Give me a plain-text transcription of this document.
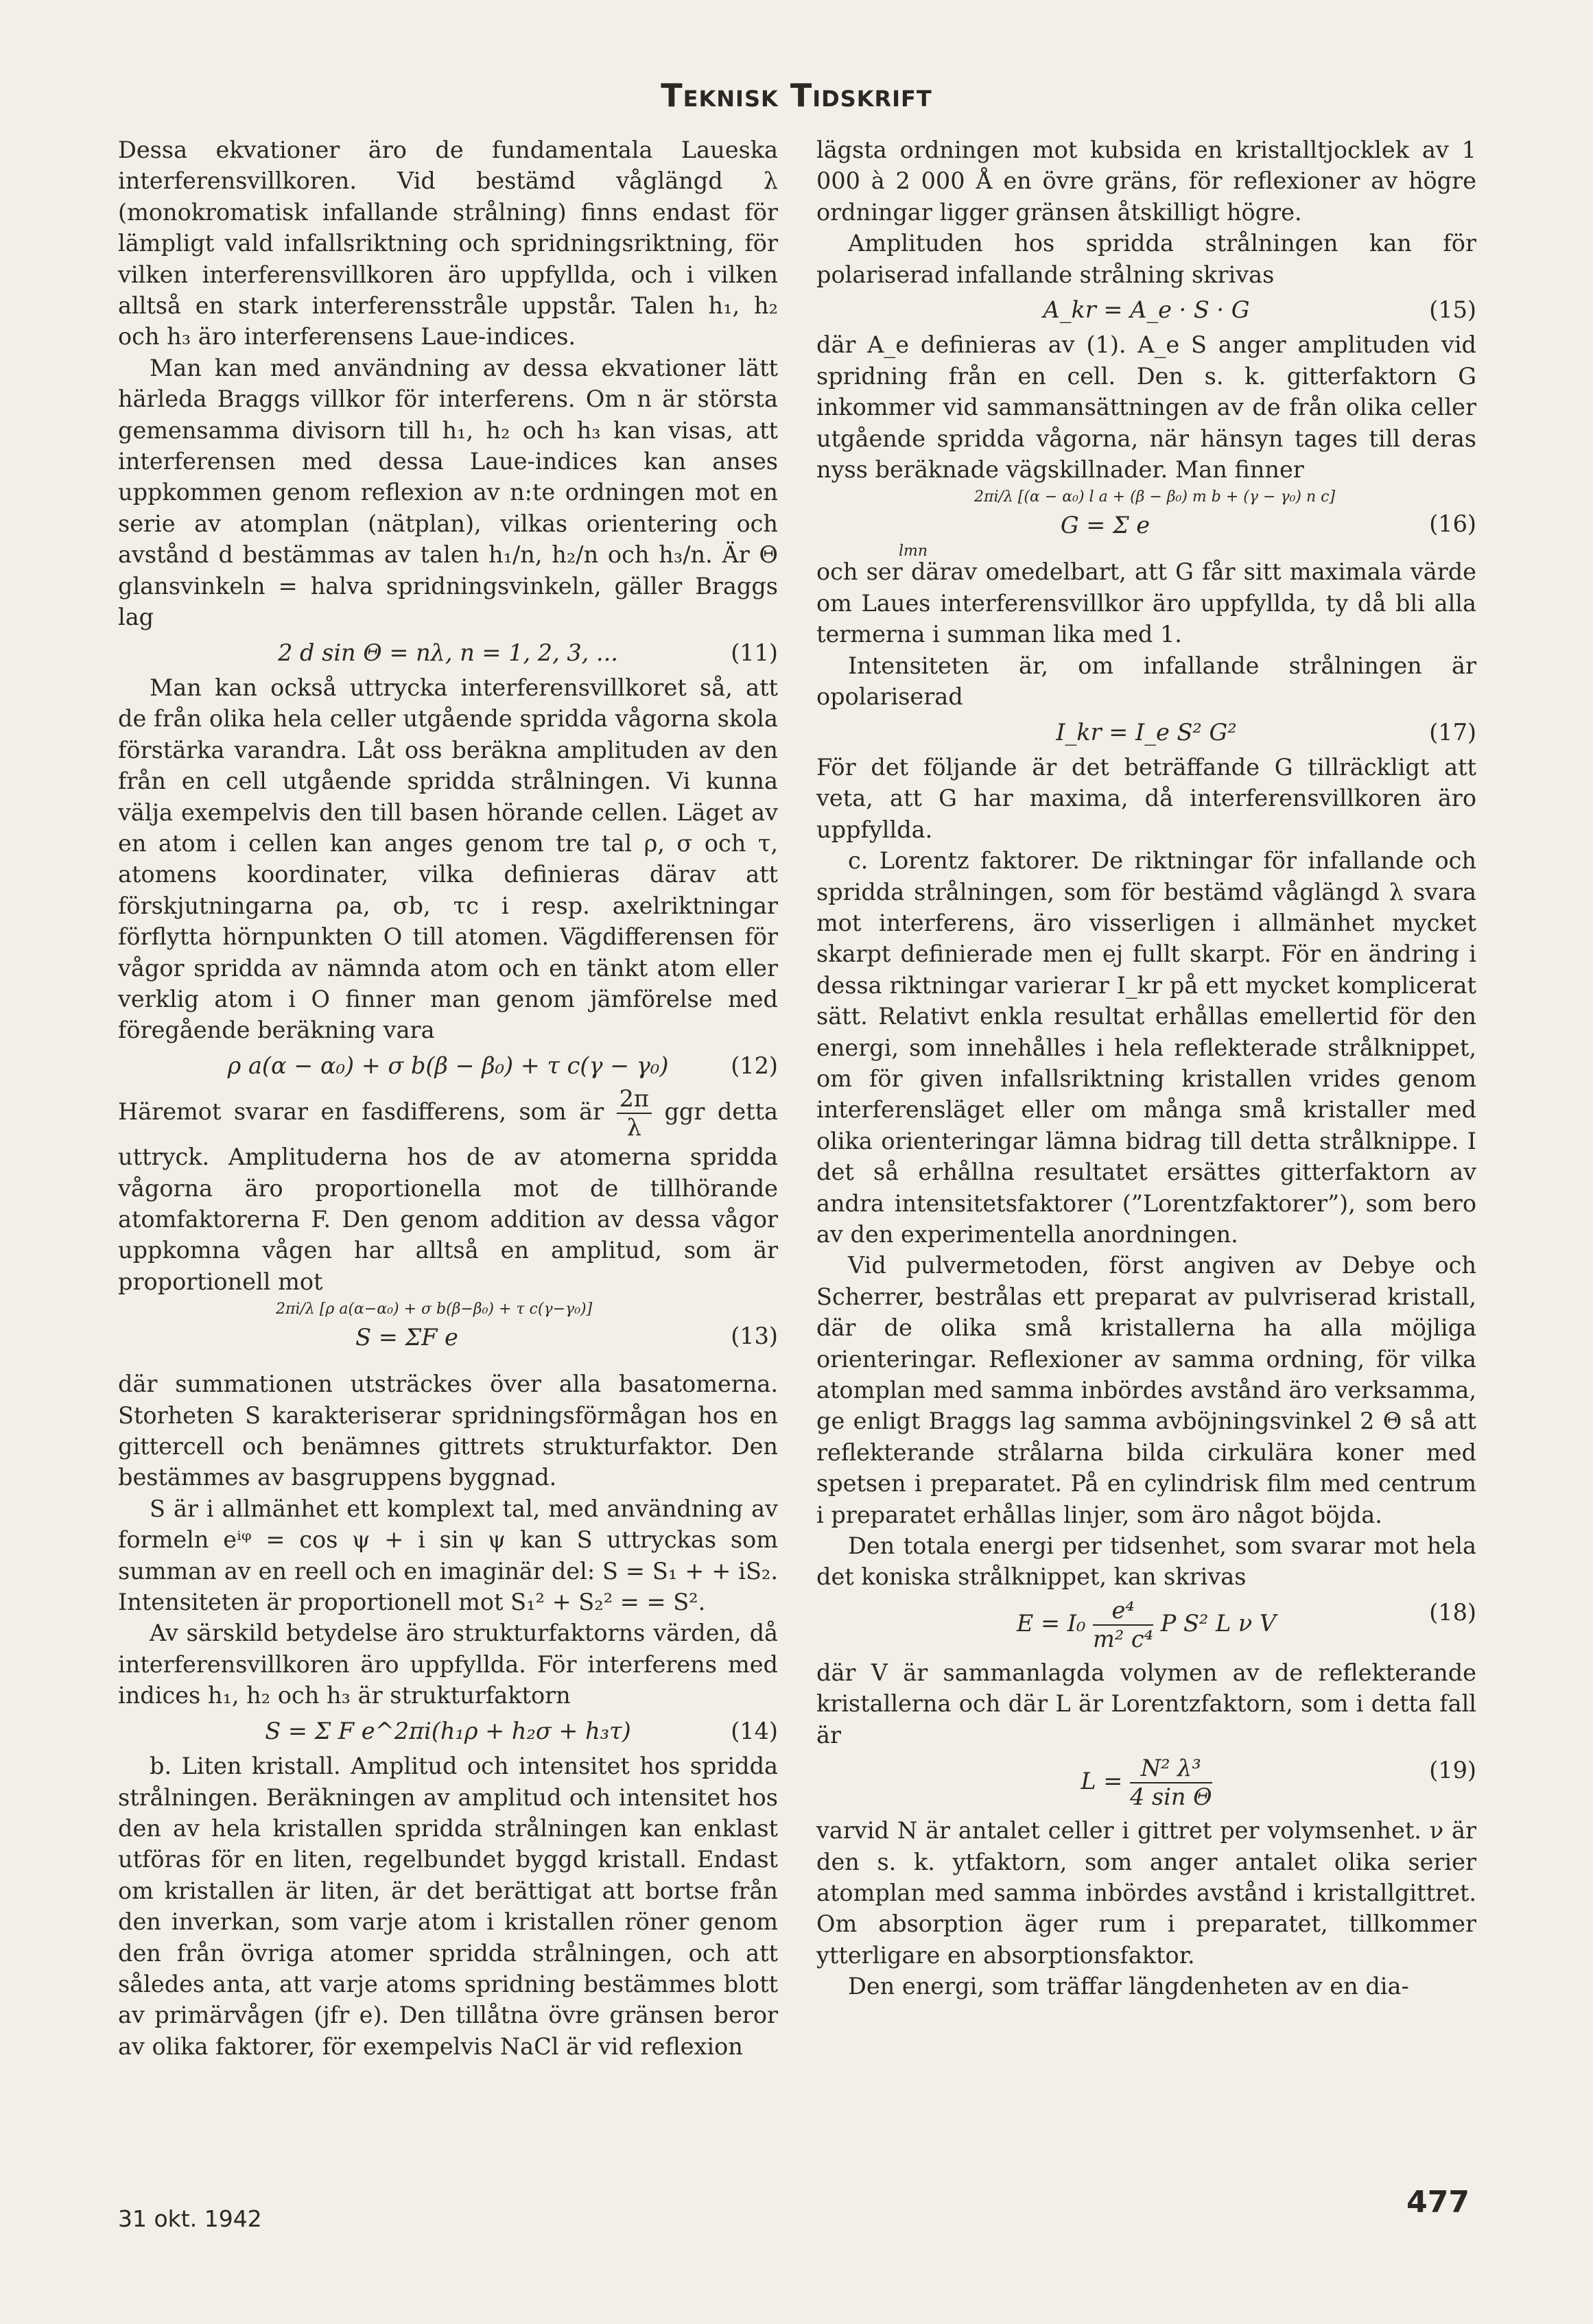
Teknisk Tidskrift

Dessa ekvationer äro de fundamentala Laueska interferensvillkoren. Vid bestämd våglängd λ (monokromatisk infallande strålning) finns endast för lämpligt vald infallsriktning och spridningsriktning, för vilken interferensvillkoren äro uppfyllda, och i vilken alltså en stark interferensstråle uppstår. Talen h₁, h₂ och h₃ äro interferensens Laue-indices.

Man kan med användning av dessa ekvationer lätt härleda Braggs villkor för interferens. Om n är största gemensamma divisorn till h₁, h₂ och h₃ kan visas, att interferensen med dessa Laue-indices kan anses uppkommen genom reflexion av n:te ordningen mot en serie av atomplan (nätplan), vilkas orientering och avstånd d bestämmas av talen h₁/n, h₂/n och h₃/n. Är Θ glansvinkeln = halva spridningsvinkeln, gäller Braggs lag

2 d sin Θ = nλ, n = 1, 2, 3, ...	(11)

Man kan också uttrycka interferensvillkoret så, att de från olika hela celler utgående spridda vågorna skola förstärka varandra. Låt oss beräkna amplituden av den från en cell utgående spridda strålningen. Vi kunna välja exempelvis den till basen hörande cellen. Läget av en atom i cellen kan anges genom tre tal ρ, σ och τ, atomens koordinater, vilka definieras därav att förskjutningarna ρa, σb, τc i resp. axelriktningar förflytta hörnpunkten O till atomen. Vägdifferensen för vågor spridda av nämnda atom och en tänkt atom eller verklig atom i O finner man genom jämförelse med föregående beräkning vara

ρ a(α − α₀) + σ b(β − β₀) + τ c(γ − γ₀)	(12)

Häremot svarar en fasdifferens, som är $\frac{2\pi}{\lambda}$ ggr detta uttryck. Amplituderna hos de av atomerna spridda vågorna äro proportionella mot de tillhörande atomfaktorerna F. Den genom addition av dessa vågor uppkomna vågen har alltså en amplitud, som är proportionell mot

2πi/λ [ρ a(α−α₀) + σ b(β−β₀) + τ c(γ−γ₀)]
S = ΣF e	(13)

där summationen utsträckes över alla basatomerna. Storheten S karakteriserar spridningsförmågan hos en gittercell och benämnes gittrets strukturfaktor. Den bestämmes av basgruppens byggnad.

S är i allmänhet ett komplext tal, med användning av formeln eⁱᵠ = cos ψ + i sin ψ kan S uttryckas som summan av en reell och en imaginär del: S = S₁ + + iS₂. Intensiteten är proportionell mot S₁² + S₂² = = S².

Av särskild betydelse äro strukturfaktorns värden, då interferensvillkoren äro uppfyllda. För interferens med indices h₁, h₂ och h₃ är strukturfaktorn

S = Σ F e^2πi(h₁ρ + h₂σ + h₃τ)	(14)

b. Liten kristall. Amplitud och intensitet hos spridda strålningen. Beräkningen av amplitud och intensitet hos den av hela kristallen spridda strålningen kan enklast utföras för en liten, regelbundet byggd kristall. Endast om kristallen är liten, är det berättigat att bortse från den inverkan, som varje atom i kristallen röner genom den från övriga atomer spridda strålningen, och att således anta, att varje atoms spridning bestämmes blott av primärvågen (jfr e). Den tillåtna övre gränsen beror av olika faktorer, för exempelvis NaCl är vid reflexion

lägsta ordningen mot kubsida en kristalltjocklek av 1 000 à 2 000 Å en övre gräns, för reflexioner av högre ordningar ligger gränsen åtskilligt högre.

Amplituden hos spridda strålningen kan för polariserad infallande strålning skrivas

A_kr = A_e · S · G	(15)

där A_e definieras av (1). A_e S anger amplituden vid spridning från en cell. Den s. k. gitterfaktorn G inkommer vid sammansättningen av de från olika celler utgående spridda vågorna, när hänsyn tages till deras nyss beräknade vägskillnader. Man finner

2πi/λ [(α − α₀) l a + (β − β₀) m b + (γ − γ₀) n c]
G = Σ e
lmn
(16)

och ser därav omedelbart, att G får sitt maximala värde om Laues interferensvillkor äro uppfyllda, ty då bli alla termerna i summan lika med 1.

Intensiteten är, om infallande strålningen är opolariserad

I_kr = I_e S² G²	(17)

För det följande är det beträffande G tillräckligt att veta, att G har maxima, då interferensvillkoren äro uppfyllda.

c. Lorentz faktorer. De riktningar för infallande och spridda strålningen, som för bestämd våglängd λ svara mot interferens, äro visserligen i allmänhet mycket skarpt definierade men ej fullt skarpt. För en ändring i dessa riktningar varierar I_kr på ett mycket komplicerat sätt. Relativt enkla resultat erhållas emellertid för den energi, som innehålles i hela reflekterade strålknippet, om för given infallsriktning kristallen vrides genom interferensläget eller om många små kristaller med olika orienteringar lämna bidrag till detta strålknippe. I det så erhållna resultatet ersättes gitterfaktorn av andra intensitetsfaktorer (”Lorentzfaktorer”), som bero av den experimentella anordningen.

Vid pulvermetoden, först angiven av Debye och Scherrer, bestrålas ett preparat av pulvriserad kristall, där de olika små kristallerna ha alla möjliga orienteringar. Reflexioner av samma ordning, för vilka atomplan med samma inbördes avstånd äro verksamma, ge enligt Braggs lag samma avböjningsvinkel 2 Θ så att reflekterande strålarna bilda cirkulära koner med spetsen i preparatet. På en cylindrisk film med centrum i preparatet erhållas linjer, som äro något böjda.

Den totala energi per tidsenhet, som svarar mot hela det koniska strålknippet, kan skrivas

$E = I_0 \frac{\text{e⁴}}{\text{m² c⁴}}$ P S² L ν V	(18)

där V är sammanlagda volymen av de reflekterande kristallerna och där L är Lorentzfaktorn, som i detta fall är

$L = \frac{\text{N² λ³}}{\text{4 sin Θ}}$	(19)

varvid N är antalet celler i gittret per volymsenhet. ν är den s. k. ytfaktorn, som anger antalet olika serier atomplan med samma inbördes avstånd i kristallgittret. Om absorption äger rum i preparatet, tillkommer ytterligare en absorptionsfaktor.

Den energi, som träffar längdenheten av en dia-

31 okt. 1942	477
